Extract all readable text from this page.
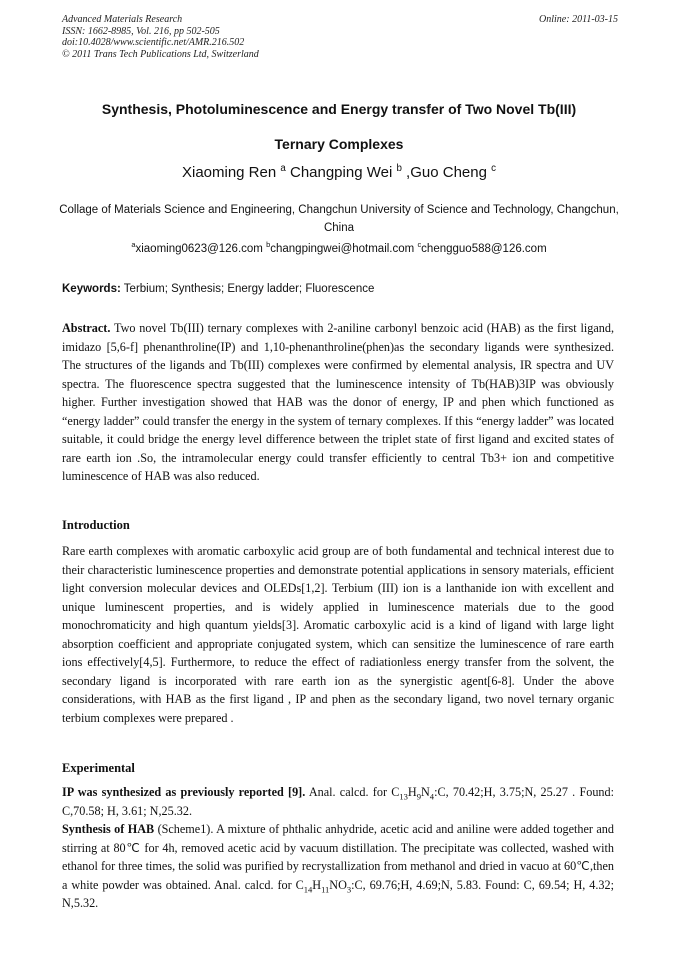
Advanced Materials Research
ISSN: 1662-8985, Vol. 216, pp 502-505
doi:10.4028/www.scientific.net/AMR.216.502
© 2011 Trans Tech Publications Ltd, Switzerland
Online: 2011-03-15
Synthesis, Photoluminescence and Energy transfer of Two Novel Tb(III)
Ternary Complexes
Xiaoming Ren $^a$ Changping Wei $^b$ ,Guo Cheng $^c$
Collage of Materials Science and Engineering, Changchun University of Science and Technology, Changchun, China
$^a$xiaoming0623@126.com $^b$changpingwei@hotmail.com $^c$chengguo588@126.com
Keywords: Terbium; Synthesis; Energy ladder; Fluorescence
Abstract. Two novel Tb(III) ternary complexes with 2-aniline carbonyl benzoic acid (HAB) as the first ligand, imidazo [5,6-f] phenanthroline(IP) and 1,10-phenanthroline(phen)as the secondary ligands were synthesized. The structures of the ligands and Tb(III) complexes were confirmed by elemental analysis, IR spectra and UV spectra. The fluorescence spectra suggested that the luminescence intensity of Tb(HAB)3IP was obviously higher. Further investigation showed that HAB was the donor of energy, IP and phen which functioned as “energy ladder” could transfer the energy in the system of ternary complexes. If this “energy ladder” was located suitable, it could bridge the energy level difference between the triplet state of first ligand and excited states of rare earth ion .So, the intramolecular energy could transfer efficiently to central Tb3+ ion and competitive luminescence of HAB was also reduced.
Introduction
Rare earth complexes with aromatic carboxylic acid group are of both fundamental and technical interest due to their characteristic luminescence properties and demonstrate potential applications in sensory materials, efficient light conversion molecular devices and OLEDs[1,2]. Terbium (III) ion is a lanthanide ion with excellent and unique luminescent properties, and is widely applied in luminescence materials due to the good monochromaticity and high quantum yields[3]. Aromatic carboxylic acid is a kind of ligand with large light absorption coefficient and appropriate conjugated system, which can sensitize the luminescence of rare earth ions effectively[4,5]. Furthermore, to reduce the effect of radiationless energy transfer from the solvent, the secondary ligand is incorporated with rare earth ion as the synergistic agent[6-8]. Under the above considerations, with HAB as the first ligand , IP and phen as the secondary ligand, two novel ternary organic terbium complexes were prepared .
Experimental
IP was synthesized as previously reported [9]. Anal. calcd. for $C_{13}H_9N_4:C$, 70.42;H, 3.75;N, 25.27 . Found: C,70.58; H, 3.61; N,25.32.
Synthesis of HAB (Scheme1). A mixture of phthalic anhydride, acetic acid and aniline were added together and stirring at 80℃ for 4h, removed acetic acid by vacuum distillation. The precipitate was collected, washed with ethanol for three times, the solid was purified by recrystallization from methanol and dried in vacuo at 60℃,then a white powder was obtained. Anal. calcd. for $C_{14}H_{11}NO_3:C$, 69.76;H, 4.69;N, 5.83. Found: C, 69.54; H, 4.32; N,5.32.
